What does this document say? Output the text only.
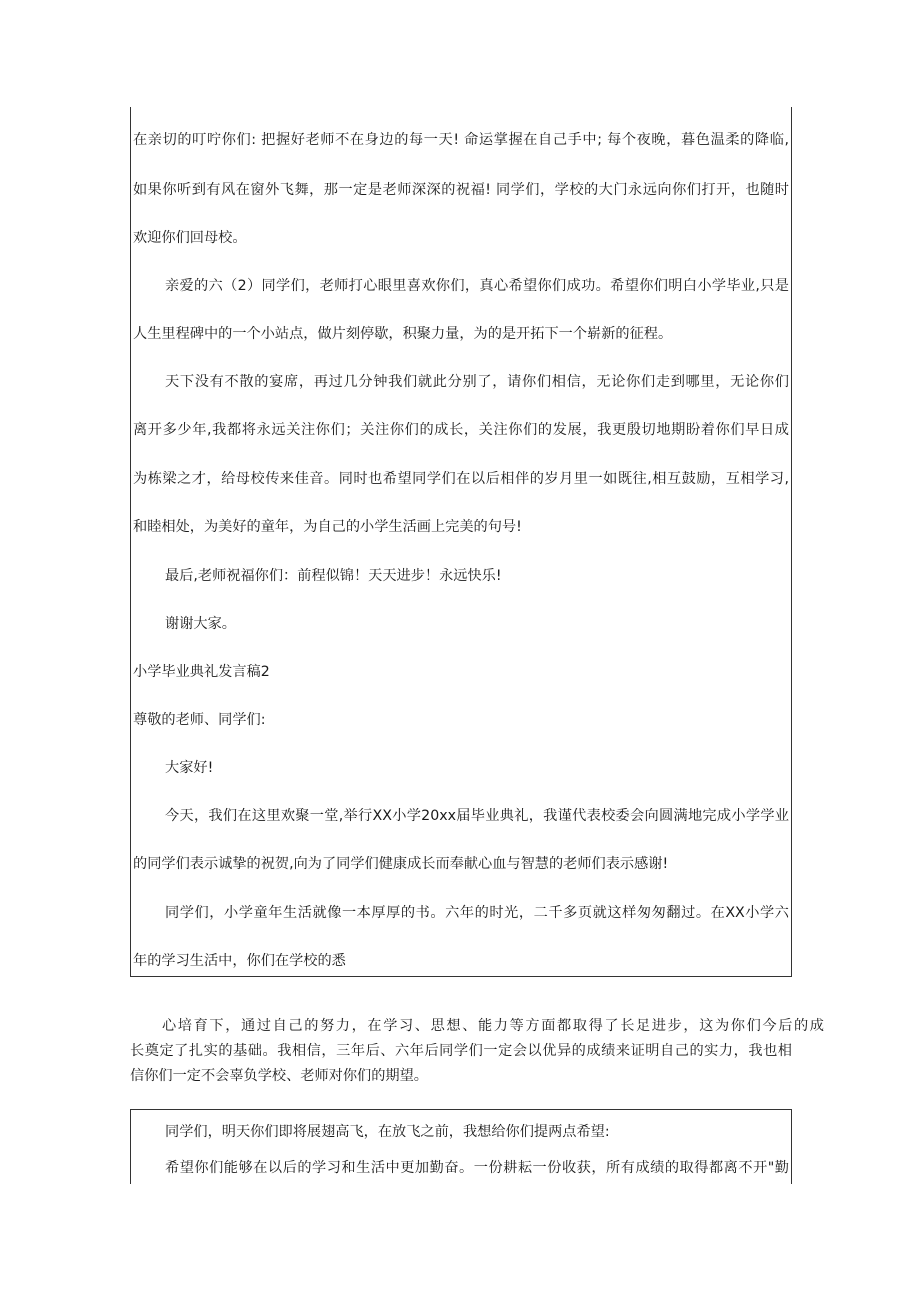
在亲切的叮咛你们: 把握好老师不在身边的每一天! 命运掌握在自己手中; 每个夜晚，暮色温柔的降临,

如果你听到有风在窗外飞舞，那一定是老师深深的祝福! 同学们，学校的大门永远向你们打开，也随时

欢迎你们回母校。

亲爱的六（2）同学们，老师打心眼里喜欢你们，真心希望你们成功。希望你们明白小学毕业,只是

人生里程碑中的一个小站点，做片刻停歇，积聚力量，为的是开拓下一个崭新的征程。

天下没有不散的宴席，再过几分钟我们就此分别了，请你们相信，无论你们走到哪里，无论你们

离开多少年,我都将永远关注你们；关注你们的成长，关注你们的发展，我更殷切地期盼着你们早日成

为栋梁之才，给母校传来佳音。同时也希望同学们在以后相伴的岁月里一如既往,相互鼓励，互相学习,

和睦相处，为美好的童年，为自己的小学生活画上完美的句号!

最后,老师祝福你们：前程似锦！天天进步！永远快乐!

谢谢大家。

小学毕业典礼发言稿2

尊敬的老师、同学们:

大家好!

今天，我们在这里欢聚一堂,举行XX小学20xx届毕业典礼，我谨代表校委会向圆满地完成小学学业

的同学们表示诚挚的祝贺,向为了同学们健康成长而奉献心血与智慧的老师们表示感谢!

同学们，小学童年生活就像一本厚厚的书。六年的时光，二千多页就这样匆匆翻过。在XX小学六

年的学习生活中，你们在学校的悉

心培育下，通过自己的努力，在学习、思想、能力等方面都取得了长足进步，这为你们今后的成

长奠定了扎实的基础。我相信，三年后、六年后同学们一定会以优异的成绩来证明自己的实力，我也相

信你们一定不会辜负学校、老师对你们的期望。

同学们，明天你们即将展翅高飞，在放飞之前，我想给你们提两点希望:

希望你们能够在以后的学习和生活中更加勤奋。一份耕耘一份收获，所有成绩的取得都离不开"勤
